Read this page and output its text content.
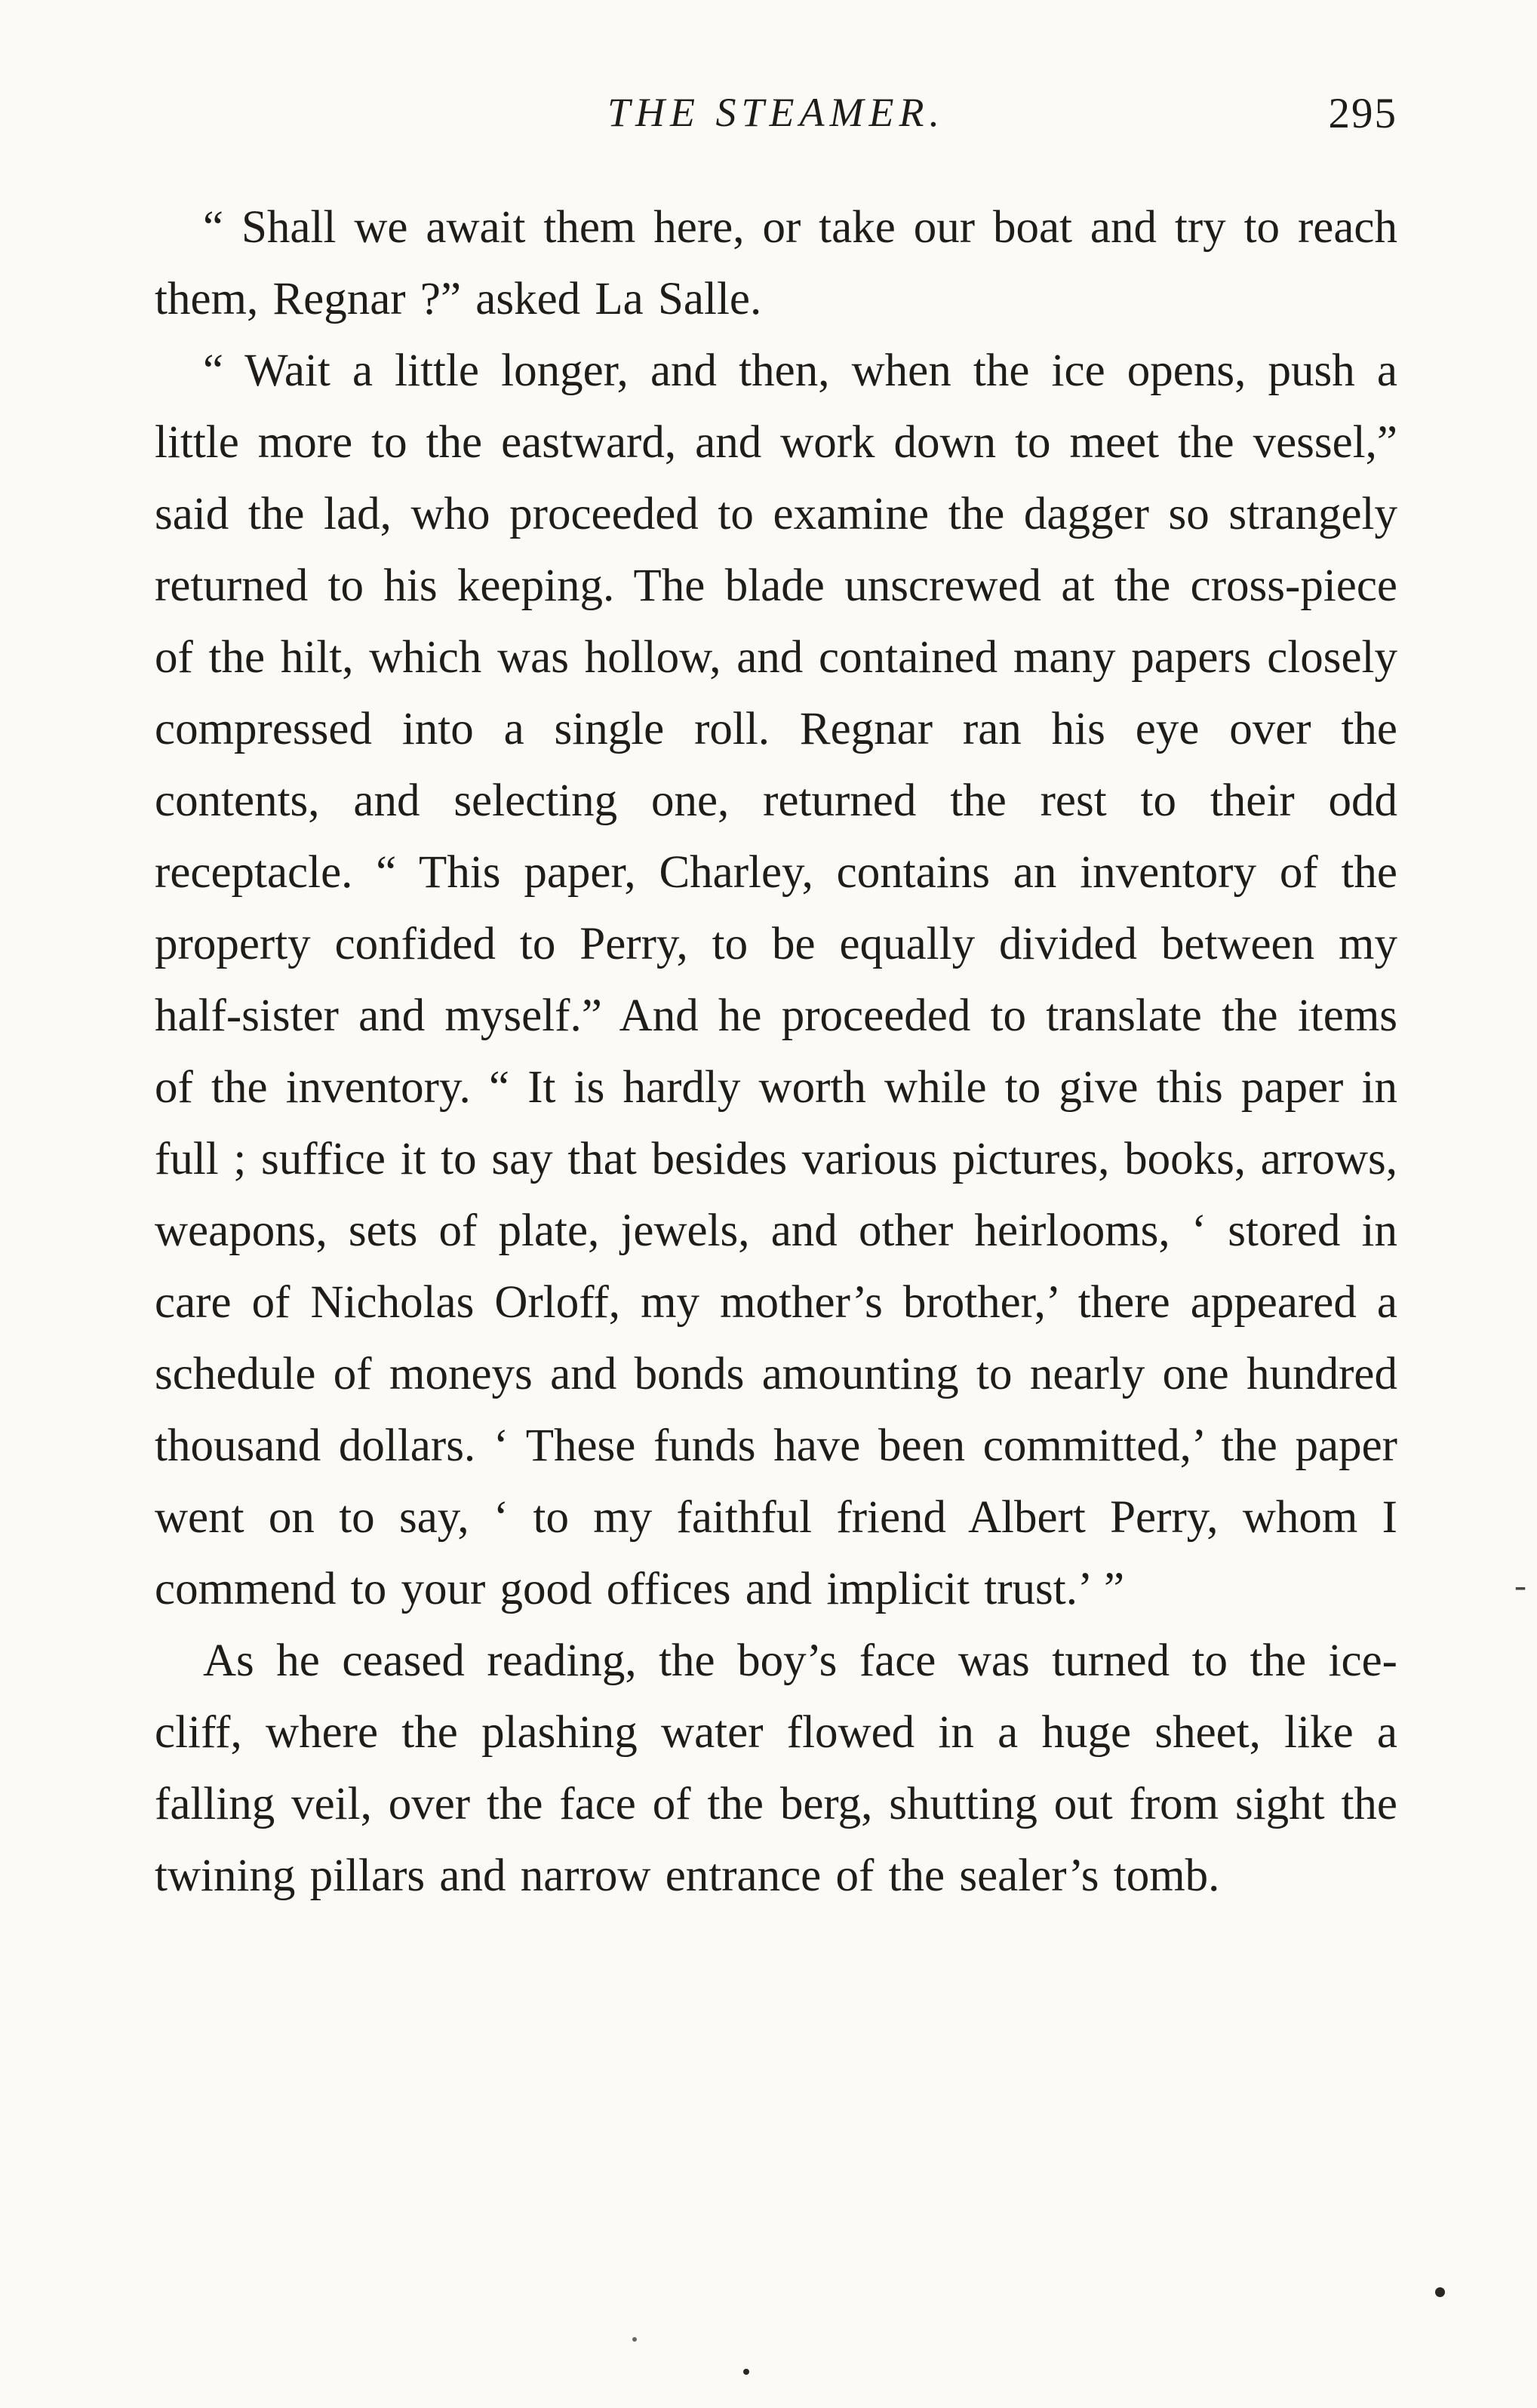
THE STEAMER.	295

“ Shall we await them here, or take our boat and try to reach them, Regnar ?” asked La Salle.

“ Wait a little longer, and then, when the ice opens, push a little more to the eastward, and work down to meet the vessel,” said the lad, who proceeded to examine the dagger so strangely returned to his keeping. The blade unscrewed at the cross-piece of the hilt, which was hollow, and contained many papers closely compressed into a single roll. Regnar ran his eye over the contents, and selecting one, returned the rest to their odd receptacle. “ This paper, Charley, contains an inventory of the property confided to Perry, to be equally divided between my half-sister and myself.” And he proceeded to translate the items of the inventory. “ It is hardly worth while to give this paper in full ; suffice it to say that besides various pictures, books, arrows, weapons, sets of plate, jewels, and other heirlooms, ‘ stored in care of Nicholas Orloff, my mother’s brother,’ there appeared a schedule of moneys and bonds amounting to nearly one hundred thousand dollars. ‘ These funds have been committed,’ the paper went on to say, ‘ to my faithful friend Albert Perry, whom I commend to your good offices and implicit trust.’ ”

As he ceased reading, the boy’s face was turned to the ice-cliff, where the plashing water flowed in a huge sheet, like a falling veil, over the face of the berg, shutting out from sight the twining pillars and narrow entrance of the sealer’s tomb.

-
